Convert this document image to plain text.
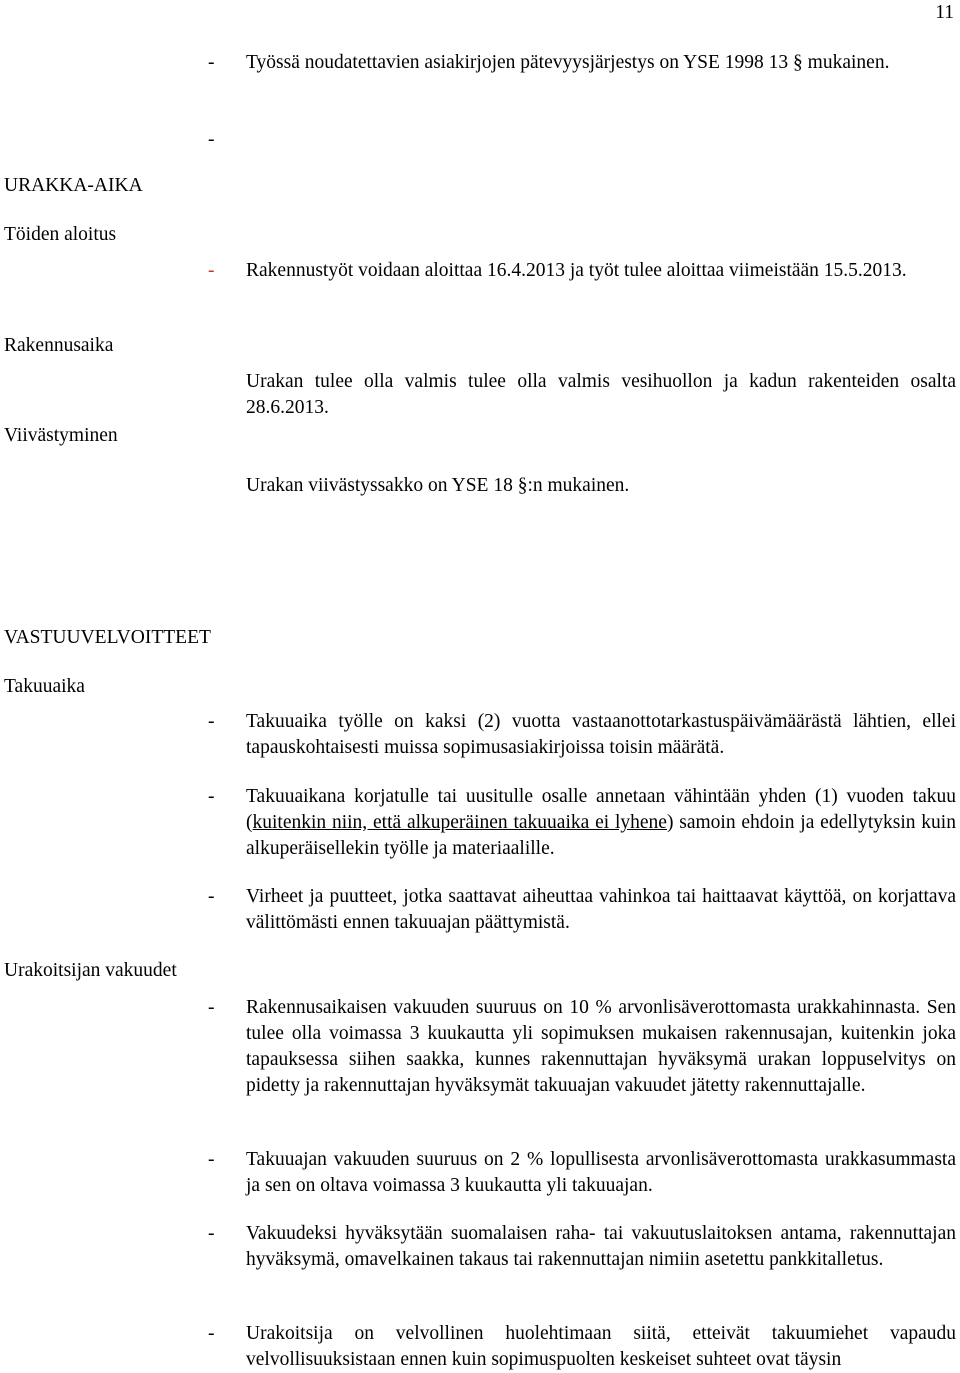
11
- Työssä noudatettavien asiakirjojen pätevyysjärjestys on YSE 1998 13 § mukainen.
-
URAKKA-AIKA
Töiden aloitus
- Rakennustyöt voidaan aloittaa 16.4.2013 ja työt tulee aloittaa viimeistään 15.5.2013.
Rakennusaika
Urakan tulee olla valmis tulee olla valmis vesihuollon ja kadun rakenteiden osalta 28.6.2013.
Viivästyminen
Urakan viivästyssakko on YSE 18 §:n mukainen.
VASTUUVELVOITTEET
Takuuaika
- Takuuaika työlle on kaksi (2) vuotta vastaanottotarkastuspäivämäärästä lähtien, ellei tapauskohtaisesti muissa sopimusasiakirjoissa toisin määrätä.
- Takuuaikana korjatulle tai uusitulle osalle annetaan vähintään yhden (1) vuoden takuu (kuitenkin niin, että alkuperäinen takuuaika ei lyhene) samoin ehdoin ja edellytyksin kuin alkuperäisellekin työlle ja materiaalille.
- Virheet ja puutteet, jotka saattavat aiheuttaa vahinkoa tai haittaavat käyttöä, on korjattava välittömästi ennen takuuajan päättymistä.
Urakoitsijan vakuudet
- Rakennusaikaisen vakuuden suuruus on 10 % arvonlisäverottomasta urakkahinnasta. Sen tulee olla voimassa 3 kuukautta yli sopimuksen mukaisen rakennusajan, kuitenkin joka tapauksessa siihen saakka, kunnes rakennuttajan hyväksymä urakan loppuselvitys on pidetty ja rakennuttajan hyväksymät takuuajan vakuudet jätetty rakennuttajalle.
- Takuuajan vakuuden suuruus on 2 % lopullisesta arvonlisäverottomasta urakkasummasta ja sen on oltava voimassa 3 kuukautta yli takuuajan.
- Vakuudeksi hyväksytään suomalaisen raha- tai vakuutuslaitoksen antama, rakennuttajan hyväksymä, omavelkainen takaus tai rakennuttajan nimiin asetettu pankkitalletus.
- Urakoitsija on velvollinen huolehtimaan siitä, etteivät takuumiehet vapaudu velvollisuuksistaan ennen kuin sopimuspuolten keskeiset suhteet ovat täysin
